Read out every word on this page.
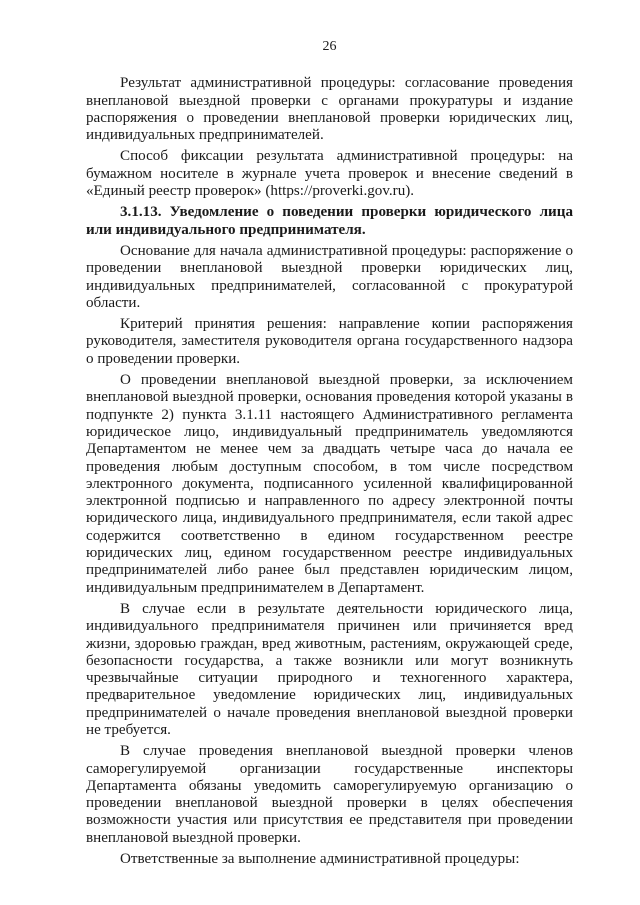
26

Результат административной процедуры: согласование проведения внеплановой выездной проверки с органами прокуратуры и издание распоряжения о проведении внеплановой проверки юридических лиц, индивидуальных предпринимателей.

Способ фиксации результата административной процедуры: на бумажном носителе в журнале учета проверок и внесение сведений в «Единый реестр проверок» (https://proverki.gov.ru).

3.1.13. Уведомление о поведении проверки юридического лица или индивидуального предпринимателя.

Основание для начала административной процедуры: распоряжение о проведении внеплановой выездной проверки юридических лиц, индивидуальных предпринимателей, согласованной с прокуратурой области.

Критерий принятия решения: направление копии распоряжения руководителя, заместителя руководителя органа государственного надзора о проведении проверки.

О проведении внеплановой выездной проверки, за исключением внеплановой выездной проверки, основания проведения которой указаны в подпункте 2) пункта 3.1.11 настоящего Административного регламента юридическое лицо, индивидуальный предприниматель уведомляются Департаментом не менее чем за двадцать четыре часа до начала ее проведения любым доступным способом, в том числе посредством электронного документа, подписанного усиленной квалифицированной электронной подписью и направленного по адресу электронной почты юридического лица, индивидуального предпринимателя, если такой адрес содержится соответственно в едином государственном реестре юридических лиц, едином государственном реестре индивидуальных предпринимателей либо ранее был представлен юридическим лицом, индивидуальным предпринимателем в Департамент.

В случае если в результате деятельности юридического лица, индивидуального предпринимателя причинен или причиняется вред жизни, здоровью граждан, вред животным, растениям, окружающей среде, безопасности государства, а также возникли или могут возникнуть чрезвычайные ситуации природного и техногенного характера, предварительное уведомление юридических лиц, индивидуальных предпринимателей о начале проведения внеплановой выездной проверки не требуется.

В случае проведения внеплановой выездной проверки членов саморегулируемой организации государственные инспекторы Департамента обязаны уведомить саморегулируемую организацию о проведении внеплановой выездной проверки в целях обеспечения возможности участия или присутствия ее представителя при проведении внеплановой выездной проверки.

Ответственные за выполнение административной процедуры:
